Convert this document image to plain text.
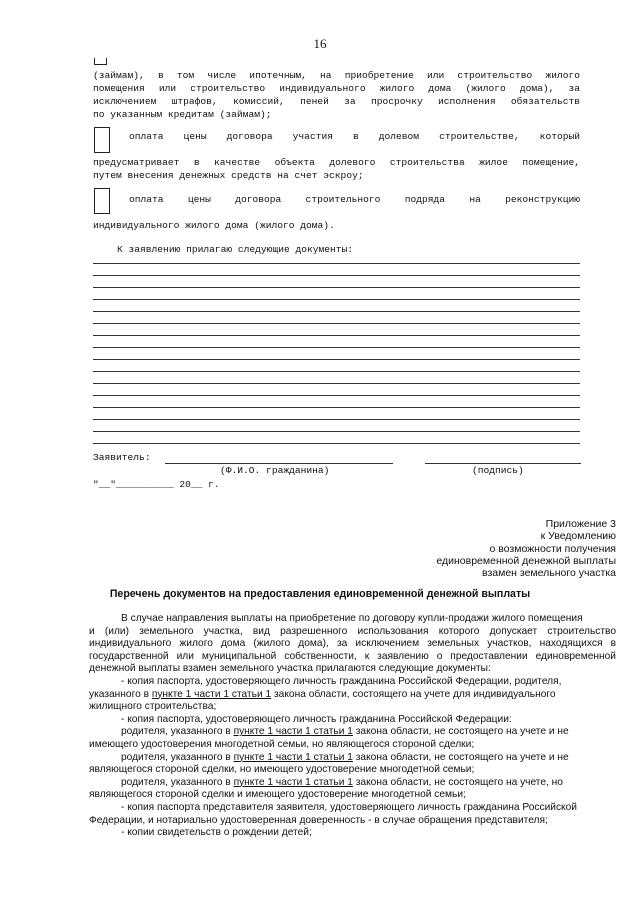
16
(займам), в том числе ипотечным, на приобретение или строительство жилого
помещения или строительство индивидуального жилого дома (жилого дома), за
исключением штрафов, комиссий, пеней за просрочку исполнения обязательств
по указанным кредитам (займам);
оплата цены договора участия в долевом строительстве, который
предусматривает в качестве объекта долевого строительства жилое помещение,
путем внесения денежных средств на счет эскроу;
оплата цены договора строительного подряда на реконструкцию
индивидуального жилого дома (жилого дома).
К заявлению прилагаю следующие документы:
Заявитель:
(Ф.И.О. гражданина)	(подпись)
"__"__________ 20__ г.
Приложение 3
к Уведомлению
о возможности получения
единовременной денежной выплаты
взамен земельного участка
Перечень документов на предоставления единовременной денежной выплаты
В случае направления выплаты на приобретение по договору купли-продажи жилого помещения
и (или) земельного участка, вид разрешенного использования которого допускает строительство
индивидуального жилого дома (жилого дома), за исключением земельных участков, находящихся в
государственной или муниципальной собственности, к заявлению о предоставлении единовременной
денежной выплаты взамен земельного участка прилагаются следующие документы:
- копия паспорта, удостоверяющего личность гражданина Российской Федерации, родителя,
указанного в пункте 1 части 1 статьи 1 закона области, состоящего на учете для индивидуального
жилищного строительства;
- копия паспорта, удостоверяющего личность гражданина Российской Федерации:
родителя, указанного в пункте 1 части 1 статьи 1 закона области, не состоящего на учете и не
имеющего удостоверения многодетной семьи, но являющегося стороной сделки;
родителя, указанного в пункте 1 части 1 статьи 1 закона области, не состоящего на учете и не
являющегося стороной сделки, но имеющего удостоверение многодетной семьи;
родителя, указанного в пункте 1 части 1 статьи 1 закона области, не состоящего на учете, но
являющегося стороной сделки и имеющего удостоверение многодетной семьи;
- копия паспорта представителя заявителя, удостоверяющего личность гражданина Российской
Федерации, и нотариально удостоверенная доверенность - в случае обращения представителя;
- копии свидетельств о рождении детей;
